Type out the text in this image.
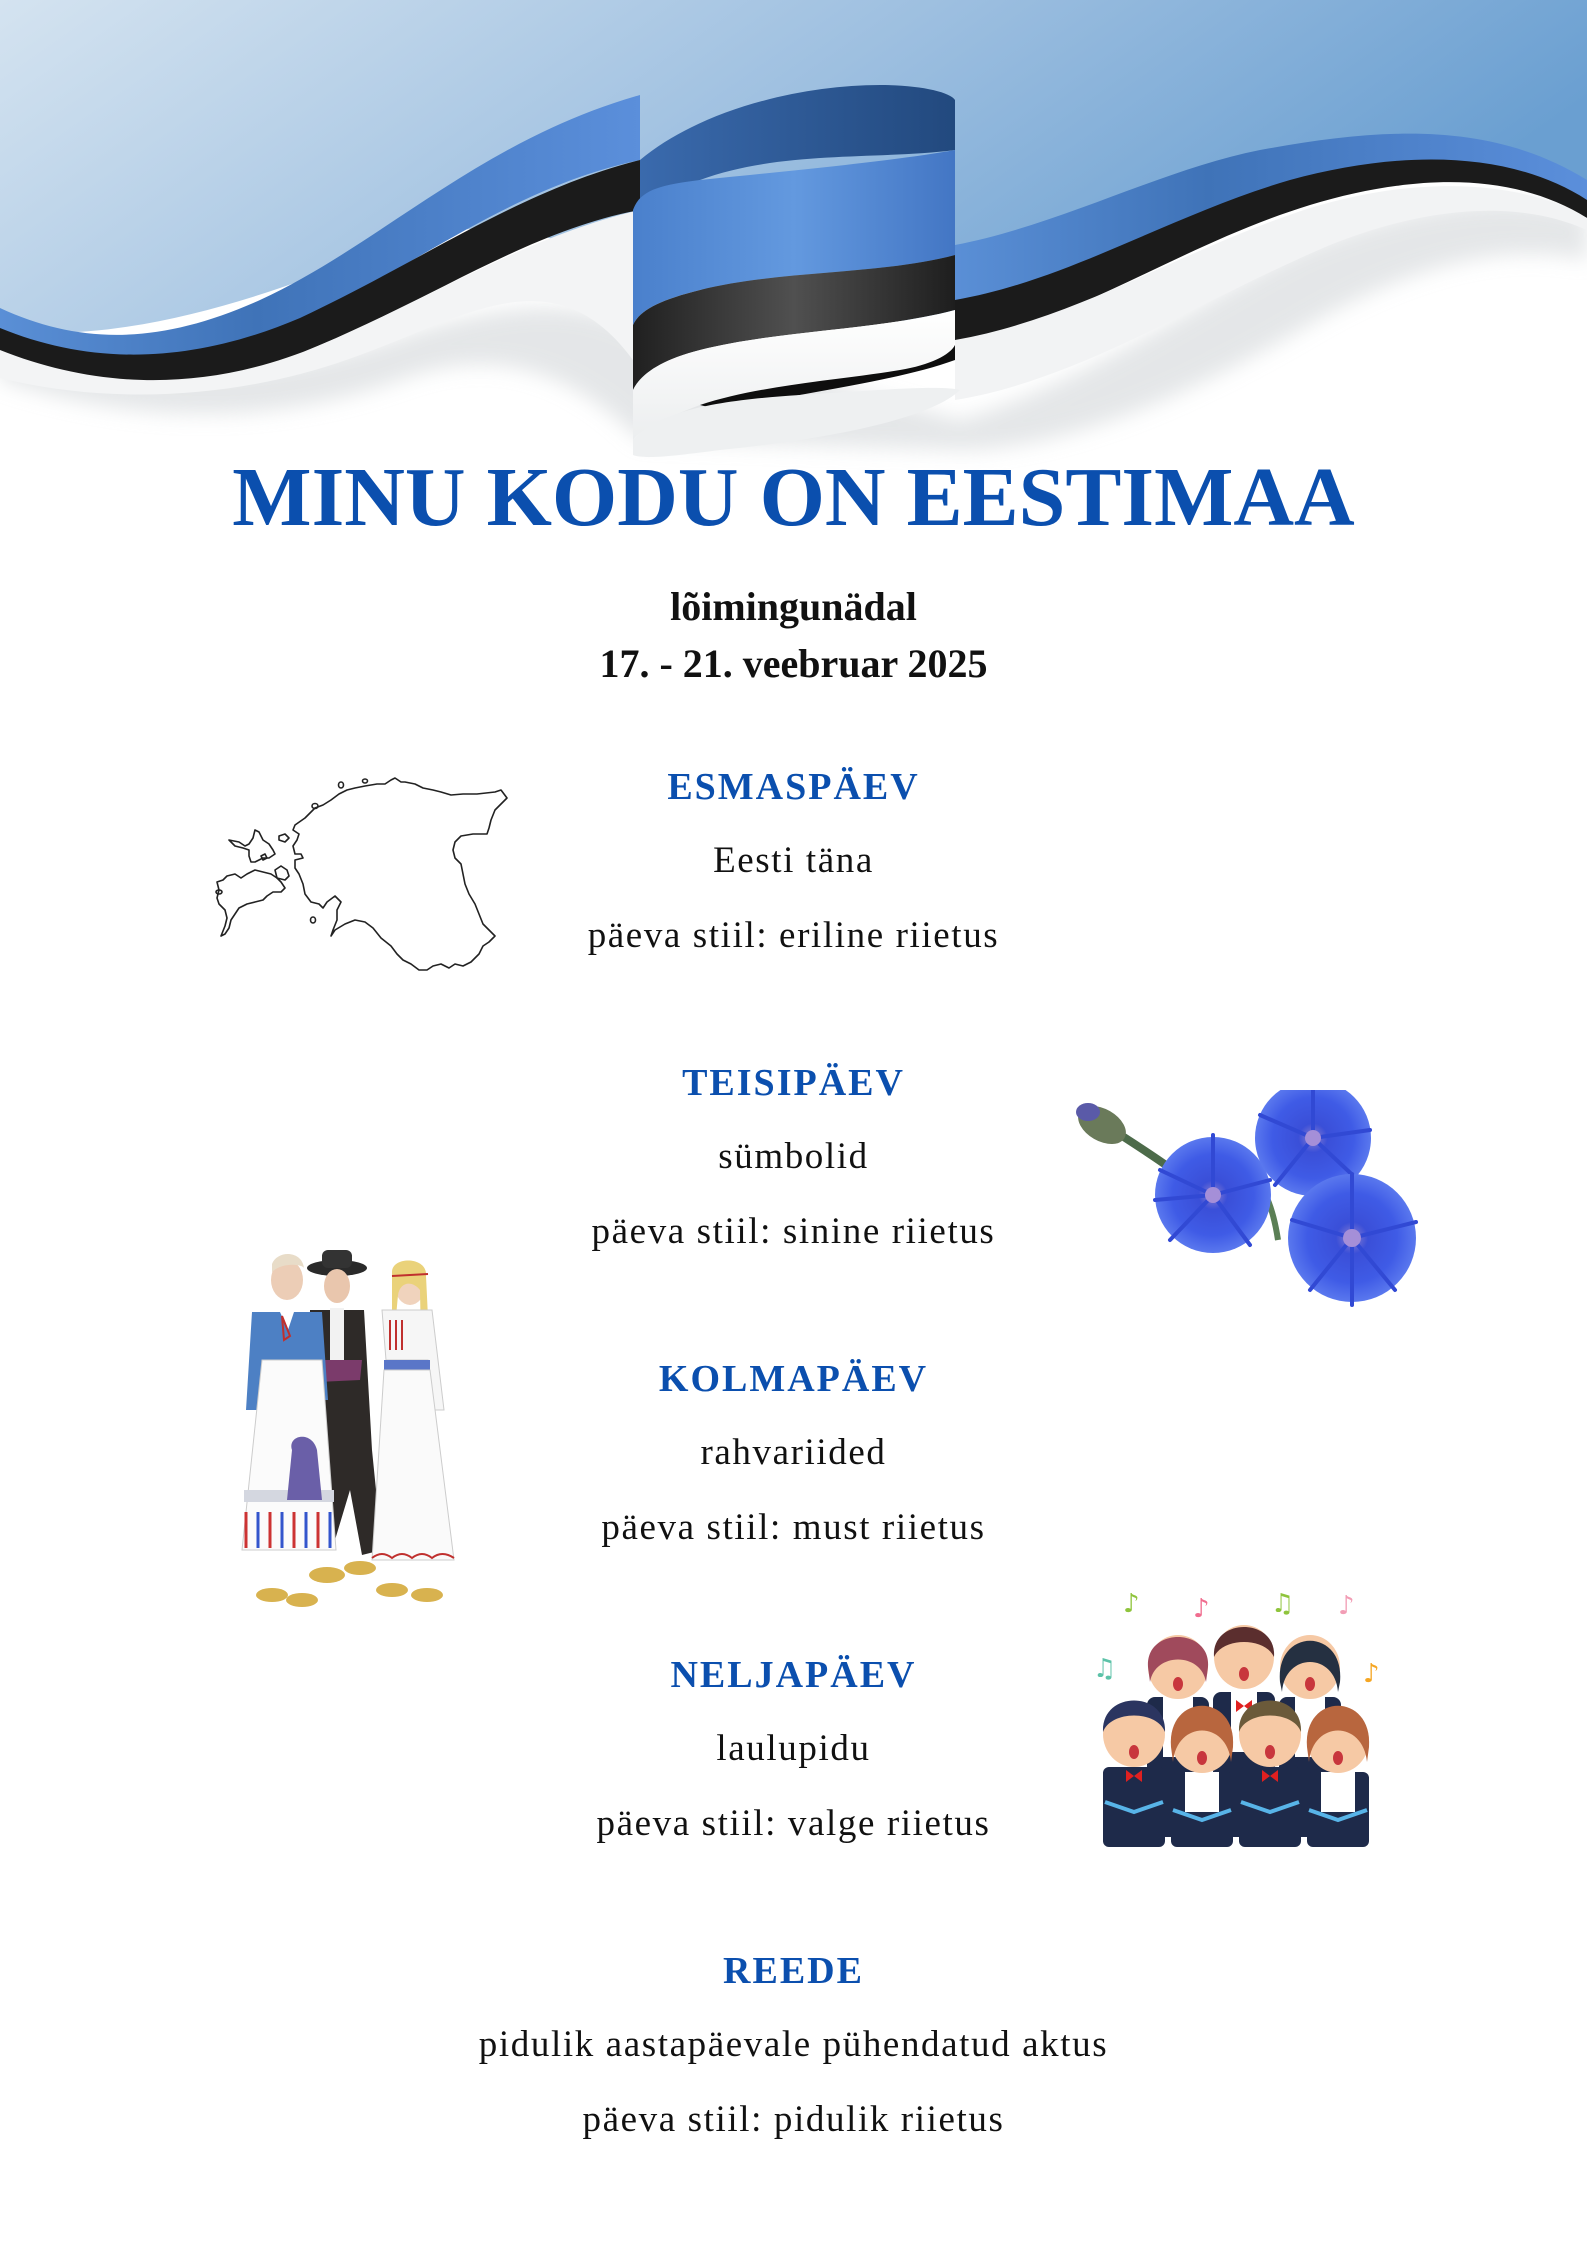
MINU KODU ON EESTIMAA
lõimingunädal
17. - 21. veebruar 2025
ESMASPÄEV
Eesti täna
päeva stiil: eriline riietus
TEISIPÄEV
sümbolid
päeva stiil: sinine riietus
KOLMAPÄEV
rahvariided
päeva stiil: must riietus
NELJAPÄEV
laulupidu
päeva stiil: valge riietus
REEDE
pidulik aastapäevale pühendatud aktus
päeva stiil: pidulik riietus
♪ ♪ ♫ ♪
♫	♪
